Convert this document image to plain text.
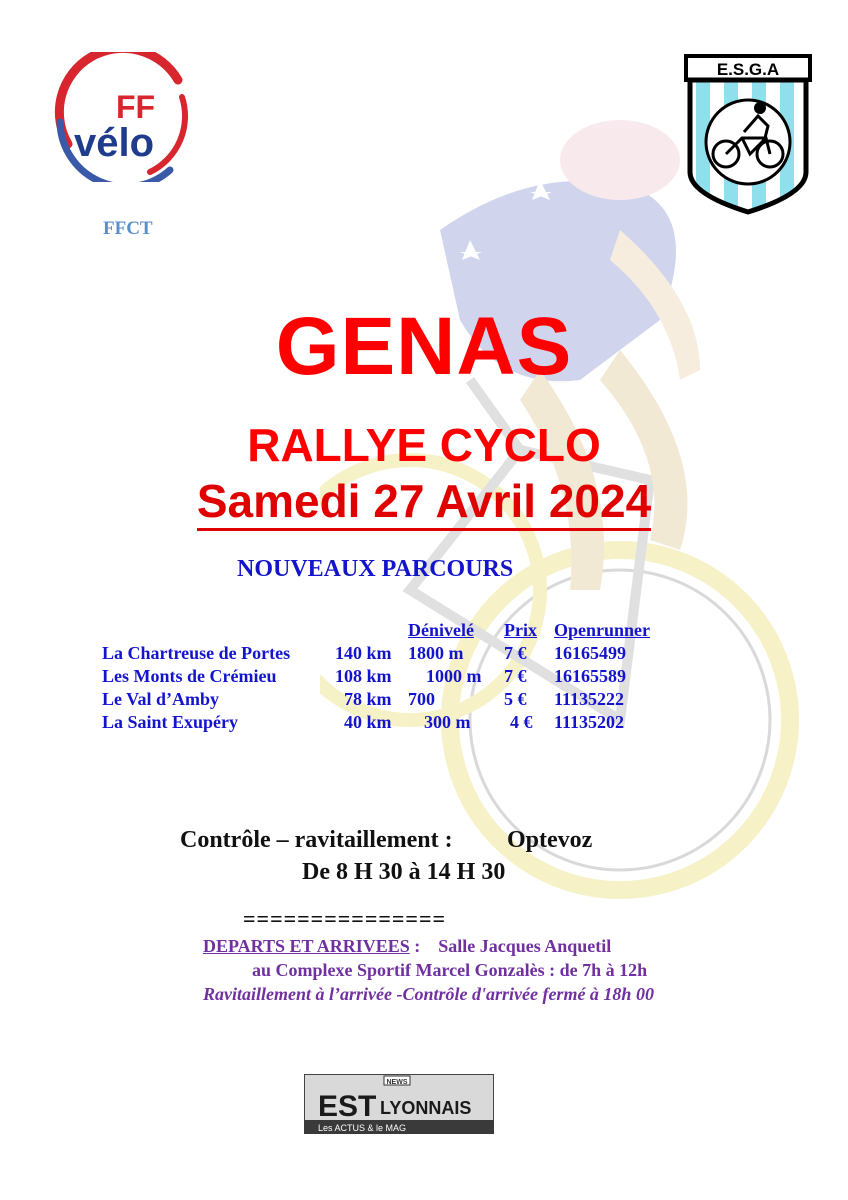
FF
vélo
FFCT
E.S.G.A
GENAS
RALLYE CYCLO
Samedi 27 Avril 2024
NOUVEAUX PARCOURS
Dénivelé Prix Openrunner
La Chartreuse de Portes 140 km 1800 m 7 € 16165499
Les Monts de Crémieu	108 km 1000 m 7 € 16165589
Le Val d’Amby	78 km 700	5 € 11135222
La Saint Exupéry	40 km 300 m 4 € 11135202
Contrôle – ravitaillement : Optevoz
De 8 H 30 à 14 H 30
===============
DEPARTS ET ARRIVEES : Salle Jacques Anquetil
au Complexe Sportif Marcel Gonzalès : de 7h à 12h
Ravitaillement à l’arrivée -Contrôle d'arrivée fermé à 18h 00
NEWS
EST LYONNAIS
Les ACTUS & le MAG
